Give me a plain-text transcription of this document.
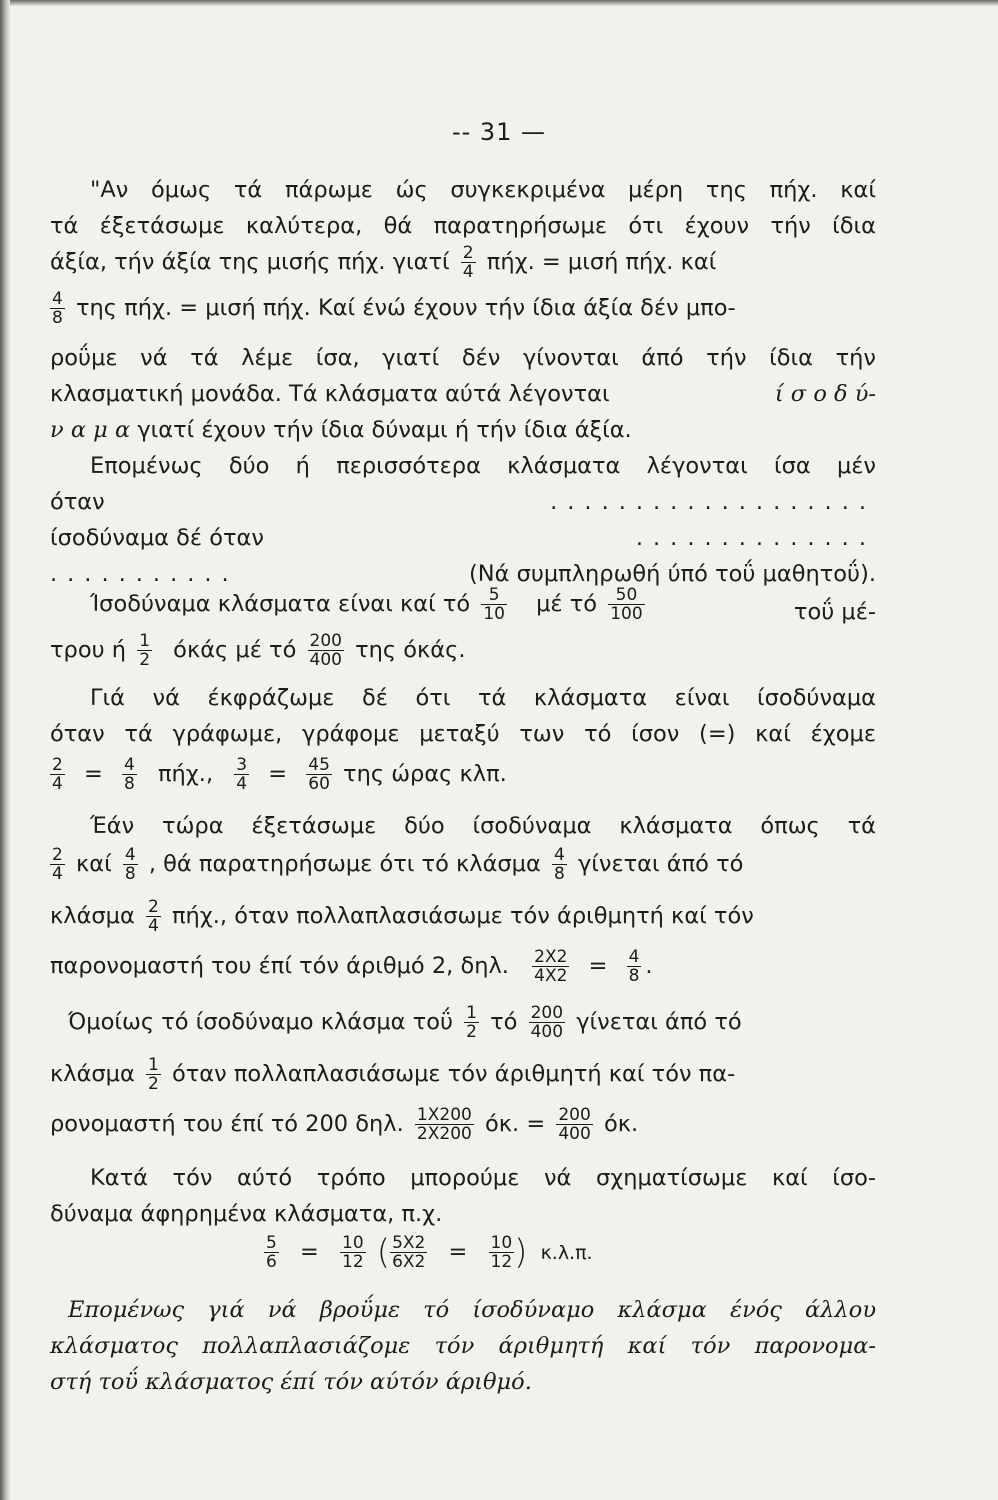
-- 31 —
"Αν όμως τά πάρωμε ώς συγκεκριμένα μέρη της πήχ. καί
τά έξετάσωμε καλύτερα, θά παρατηρήσωμε ότι έχουν τήν ίδια
άξία, τήν άξία της μισής πήχ. γιατί $\frac{2}{4} \pi ή\chi$. = μισή πήχ. καί
$\frac{4}{8}$ της πήχ. = μισή πήχ. Καί ένώ έχουν τήν ίδια άξία δέν μπο-
ροΰμε νά τά λέμε ίσα, γιατί δέν γίνονται άπό τήν ίδια τήν
κλασματική μονάδα. Τά κλάσματα αύτά λέγονται	ί σ ο δ ύ-
ν α μ α γιατί έχουν τήν ίδια δύναμι ή τήν ίδια άξία.
Επομένως δύο ή περισσότερα κλάσματα λέγονται ίσα μέν
όταν	...................
ίσοδύναμα δέ όταν	..............
...........	(Νά συμπληρωθή ύπό τοΰ μαθητοΰ).
Ίσοδύναμα κλάσματα είναι καί τό $\frac{5}{10}$ μέ τό $\frac{50}{100}$	τοΰ μέ-
τρου ή $\frac{1}{2}$ όκάς μέ τό $\frac{200}{400}$ της όκάς.
Γιά νά έκφράζωμε δέ ότι τά κλάσματα είναι ίσοδύναμα
όταν τά γράφωμε, γράφομε μεταξύ των τό ίσον (=) καί έχομε
$\frac{2}{4} = \frac{4}{8} \pi ή\chi$., $\frac{3}{4} = \frac{45}{60}$ της ώρας κλπ.
Έάν τώρα έξετάσωμε δύο ίσοδύναμα κλάσματα όπως τά
$\frac{2}{4}$ καί $\frac{4}{8}$ , θά παρατηρήσωμε ότι τό κλάσμα $\frac{4}{8}$ γίνεται άπό τό
κλάσμα $\frac{2}{4} \pi ή\chi$., όταν πολλαπλασιάσωμε τόν άριθμητή καί τόν
παρονομαστή του έπί τόν άριθμό 2, δηλ. $\frac{2X2}{4X2} = \frac{4}{8}$ .
Όμοίως τό ίσοδύναμο κλάσμα τοΰ $\frac{1}{2}$ τό $\frac{200}{400}$ γίνεται άπό τό
κλάσμα $\frac{1}{2}$ όταν πολλαπλασιάσωμε τόν άριθμητή καί τόν πα-
ρονομαστή του έπί τό 200 δηλ. $\frac{1X200}{2X200} ό\kappa$. = $\frac{200}{400} ό\kappa$.
Κατά τόν αύτό τρόπο μπορούμε νά σχηματίσωμε καί ίσο-
δύναμα άφηρημένα κλάσματα, π.χ.
$\frac{5}{6} = \frac{10}{12}$ ( $\frac{5X2}{6X2} = \frac{10}{12}$ ) κ.λ.π.
Επομένως γιά νά βροΰμε τό ίσοδύναμο κλάσμα ένός άλλου
κλάσματος πολλαπλασιάζομε τόν άριθμητή καί τόν παρονομα-
στή τοΰ κλάσματος έπί τόν αύτόν άριθμό.
